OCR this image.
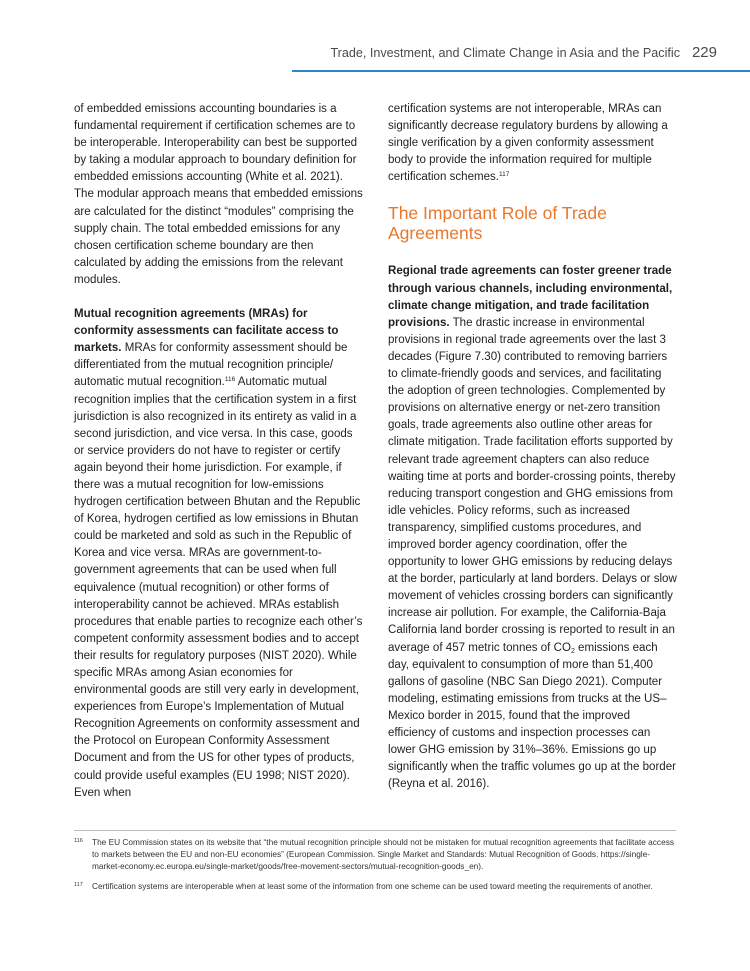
Trade, Investment, and Climate Change in Asia and the Pacific 229

of embedded emissions accounting boundaries is a fundamental requirement if certification schemes are to be interoperable. Interoperability can best be supported by taking a modular approach to boundary definition for embedded emissions accounting (White et al. 2021). The modular approach means that embedded emissions are calculated for the distinct “modules” comprising the supply chain. The total embedded emissions for any chosen certification scheme boundary are then calculated by adding the emissions from the relevant modules.

Mutual recognition agreements (MRAs) for conformity assessments can facilitate access to markets. MRAs for conformity assessment should be differentiated from the mutual recognition principle/ automatic mutual recognition.$^{116}$ Automatic mutual recognition implies that the certification system in a first jurisdiction is also recognized in its entirety as valid in a second jurisdiction, and vice versa. In this case, goods or service providers do not have to register or certify again beyond their home jurisdiction. For example, if there was a mutual recognition for low-emissions hydrogen certification between Bhutan and the Republic of Korea, hydrogen certified as low emissions in Bhutan could be marketed and sold as such in the Republic of Korea and vice versa. MRAs are government-to-government agreements that can be used when full equivalence (mutual recognition) or other forms of interoperability cannot be achieved. MRAs establish procedures that enable parties to recognize each other’s competent conformity assessment bodies and to accept their results for regulatory purposes (NIST 2020). While specific MRAs among Asian economies for environmental goods are still very early in development, experiences from Europe’s Implementation of Mutual Recognition Agreements on conformity assessment and the Protocol on European Conformity Assessment Document and from the US for other types of products, could provide useful examples (EU 1998; NIST 2020). Even when

certification systems are not interoperable, MRAs can significantly decrease regulatory burdens by allowing a single verification by a given conformity assessment body to provide the information required for multiple certification schemes.$^{117}$

The Important Role of Trade Agreements

Regional trade agreements can foster greener trade through various channels, including environmental, climate change mitigation, and trade facilitation provisions. The drastic increase in environmental provisions in regional trade agreements over the last 3 decades (Figure 7.30) contributed to removing barriers to climate-friendly goods and services, and facilitating the adoption of green technologies. Complemented by provisions on alternative energy or net-zero transition goals, trade agreements also outline other areas for climate mitigation. Trade facilitation efforts supported by relevant trade agreement chapters can also reduce waiting time at ports and border-crossing points, thereby reducing transport congestion and GHG emissions from idle vehicles. Policy reforms, such as increased transparency, simplified customs procedures, and improved border agency coordination, offer the opportunity to lower GHG emissions by reducing delays at the border, particularly at land borders. Delays or slow movement of vehicles crossing borders can significantly increase air pollution. For example, the California-Baja California land border crossing is reported to result in an average of 457 metric tonnes of $CO_2$ emissions each day, equivalent to consumption of more than 51,400 gallons of gasoline (NBC San Diego 2021). Computer modeling, estimating emissions from trucks at the US–Mexico border in 2015, found that the improved efficiency of customs and inspection processes can lower GHG emission by 31%–36%. Emissions go up significantly when the traffic volumes go up at the border (Reyna et al. 2016).

116 The EU Commission states on its website that “the mutual recognition principle should not be mistaken for mutual recognition agreements that facilitate access to markets between the EU and non-EU economies” (European Commission. Single Market and Standards: Mutual Recognition of Goods. https://single-market-economy.ec.europa.eu/single-market/goods/free-movement-sectors/mutual-recognition-goods_en).
117 Certification systems are interoperable when at least some of the information from one scheme can be used toward meeting the requirements of another.
